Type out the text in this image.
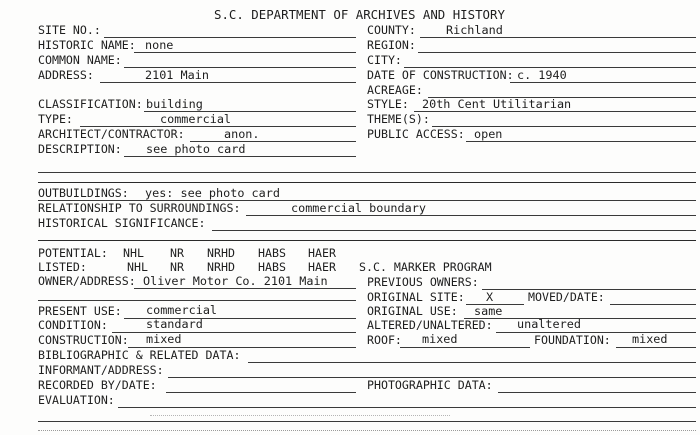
S.C. DEPARTMENT OF ARCHIVES AND HISTORY
SITE NO.:
HISTORIC NAME: none
COMMON NAME:
ADDRESS:	2101 Main
CLASSIFICATION: building
TYPE:	commercial
ARCHITECT/CONTRACTOR:	anon.
DESCRIPTION: see photo card
COUNTY:	Richland
REGION:
CITY:
DATE OF CONSTRUCTION: c. 1940
ACREAGE:
STYLE: 20th Cent Utilitarian
THEME(S):
PUBLIC ACCESS: open
OUTBUILDINGS: yes: see photo card
RELATIONSHIP TO SURROUNDINGS:	commercial boundary
HISTORICAL SIGNIFICANCE:
POTENTIAL: NHL NR NRHD HABS HAER
LISTED:	NHL NR NRHD HABS HAER S.C. MARKER PROGRAM
OWNER/ADDRESS: Oliver Motor Co. 2101 Main	PREVIOUS OWNERS:
ORIGINAL SITE: X	MOVED/DATE:
PRESENT USE: commercial	ORIGINAL USE: same
CONDITION:	standard	ALTERED/UNALTERED: unaltered
CONSTRUCTION: mixed	ROOF: mixed	FOUNDATION: mixed
BIBLIOGRAPHIC & RELATED DATA:
INFORMANT/ADDRESS:
RECORDED BY/DATE:	PHOTOGRAPHIC DATA:
EVALUATION:
